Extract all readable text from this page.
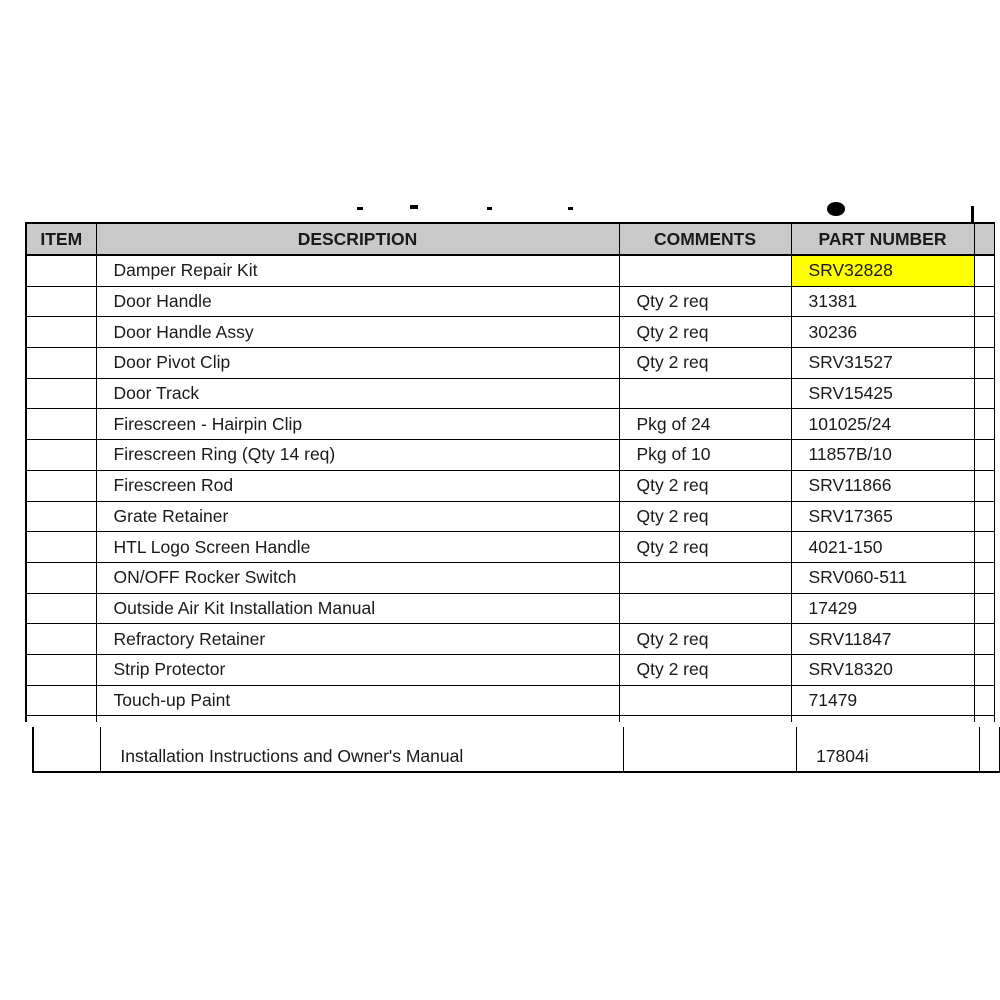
ITEM	DESCRIPTION	COMMENTS	PART NUMBER	
	Damper Repair Kit		SRV32828	
	Door Handle	Qty 2 req	31381	
	Door Handle Assy	Qty 2 req	30236	
	Door Pivot Clip	Qty 2 req	SRV31527	
	Door Track		SRV15425	
	Firescreen - Hairpin Clip	Pkg of 24	101025/24	
	Firescreen Ring (Qty 14 req)	Pkg of 10	11857B/10	
	Firescreen Rod	Qty 2 req	SRV11866	
	Grate Retainer	Qty 2 req	SRV17365	
	HTL Logo Screen Handle	Qty 2 req	4021-150	
	ON/OFF Rocker Switch		SRV060-511	
	Outside Air Kit Installation Manual		17429	
	Refractory Retainer	Qty 2 req	SRV11847	
	Strip Protector	Qty 2 req	SRV18320	
	Touch-up Paint		71479	

	Installation Instructions and Owner's Manual		17804i	
